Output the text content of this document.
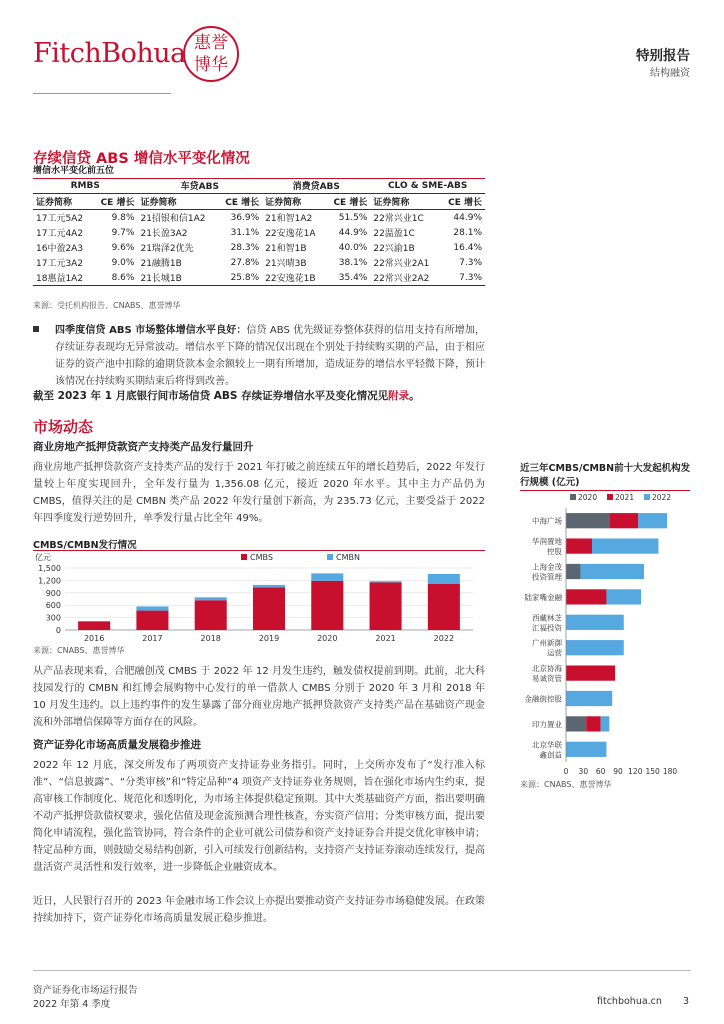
FitchBohua 惠誉
博华	特别报告
结构融资
存续信贷 ABS 增信水平变化情况
增信水平变化前五位
RMBS		车贷ABS		消费贷ABS		CLO & SME-ABS	
证券简称	CE 增长	证券简称	CE 增长	证券简称	CE 增长	证券简称	CE 增长
17工元5A2	9.8%	21招银和信1A2	36.9%	21和智1A2	51.5%	22常兴业1C	44.9%
17工元4A2	9.7%	21长盈3A2	31.1%	22安逸花1A	44.9%	22温盈1C	28.1%
16中盈2A3	9.6%	21瑞泽2优先	28.3%	21和智1B	40.0%	22兴渝1B	16.4%
17工元3A2	9.0%	21融腾1B	27.8%	21兴晴3B	38.1%	22常兴业2A1	7.3%
18惠益1A2	8.6%	21长城1B	25.8%	22安逸花1B	35.4%	22常兴业2A2	7.3%
来源：受托机构报告、CNABS、惠誉博华
四季度信贷 ABS 市场整体增信水平良好：信贷 ABS 优先级证券整体获得的信用支持有所增加，存续证券表现均无异常波动。增信水平下降的情况仅出现在个别处于持续购买期的产品，由于相应证券的资产池中扣除的逾期贷款本金余额较上一期有所增加，造成证券的增信水平轻微下降，预计该情况在持续购买期结束后将得到改善。
截至 2023 年 1 月底银行间市场信贷 ABS 存续证券增信水平及变化情况见附录。
市场动态
商业房地产抵押贷款资产支持类产品发行量回升
商业房地产抵押贷款资产支持类产品的发行于 2021 年打破之前连续五年的增长趋势后，2022 年发行量较上年度实现回升，全年发行量为 1,356.08 亿元，接近 2020 年水平。其中主力产品仍为 CMBS，值得关注的是 CMBN 类产品 2022 年发行量创下新高，为 235.73 亿元，主要受益于 2022 年四季度发行逆势回升，单季发行量占比全年 49%。
CMBS/CMBN发行情况
亿元
0
300
600
900
1,200
1,500
2016	2017	2018	2019	2020	2021	2022
CMBS	CMBN
来源：CNABS、惠誉博华
从产品表现来看，合肥融创茂 CMBS 于 2022 年 12 月发生违约，触发债权提前到期。此前，北大科技园发行的 CMBN 和红博会展购物中心发行的单一借款人 CMBS 分别于 2020 年 3 月和 2018 年 10 月发生违约。以上违约事件的发生暴露了部分商业房地产抵押贷款资产支持类产品在基础资产现金流和外部增信保障等方面存在的风险。
资产证券化市场高质量发展稳步推进
2022 年 12 月底，深交所发布了两项资产支持证券业务指引。同时，上交所亦发布了“发行准入标准”、“信息披露”、“分类审核”和“特定品种”4 项资产支持证券业务规则，旨在强化市场内生约束，提高审核工作制度化、规范化和透明化，为市场主体提供稳定预期。其中大类基础资产方面，指出要明确不动产抵押贷款债权要求，强化估值及现金流预测合理性核查，夯实资产信用；分类审核方面，提出要简化申请流程，强化监管协同，符合条件的企业可就公司债券和资产支持证券合并提交优化审核申请；特定品种方面，则鼓励交易结构创新，引入可续发行创新结构，支持资产支持证券滚动连续发行，提高盘活资产灵活性和发行效率，进一步降低企业融资成本。
近日，人民银行召开的 2023 年金融市场工作会议上亦提出要推动资产支持证券市场稳健发展。在政策持续加持下，资产证券化市场高质量发展正稳步推进。
近三年CMBS/CMBN前十大发起机构发行规模 (亿元)
2020 2021 2022
中海广场
华润置地控股
上海金茂投资管理
陆家嘴金融
西藏林芝汇福投资
广州新御运营
北京协海易诚资管
金融街控股
印力置业
北京华联鑫创益
0 30 60 90 120 150 180
来源：CNABS、惠誉博华
资产证券化市场运行报告
2022 年第 4 季度	fitchbohua.cn 3
